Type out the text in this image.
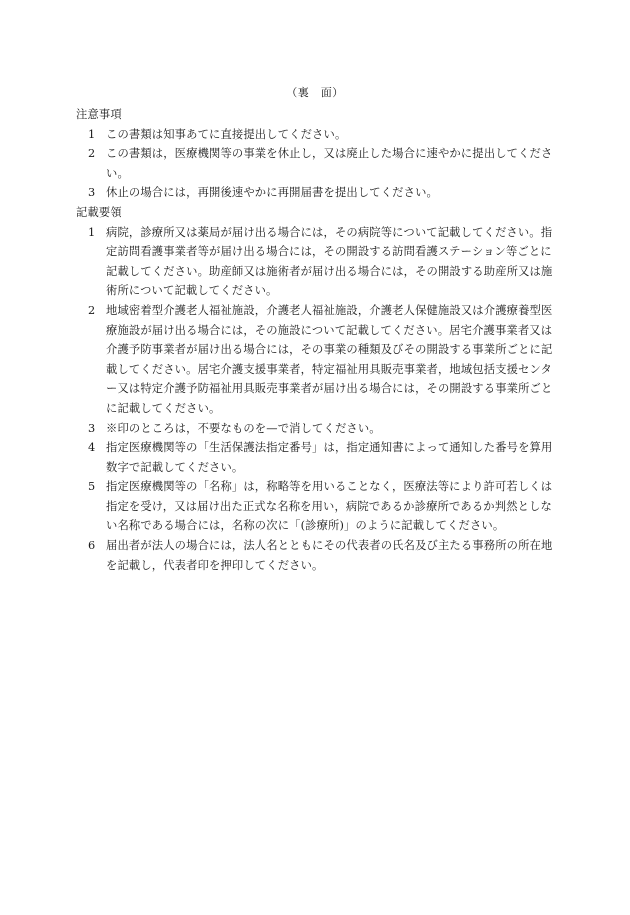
（裏　面）
注意事項
1 この書類は知事あてに直接提出してください。
2 この書類は，医療機関等の事業を休止し，又は廃止した場合に速やかに提出してください。
3 休止の場合には，再開後速やかに再開届書を提出してください。
記載要領
1 病院，診療所又は薬局が届け出る場合には，その病院等について記載してください。指定訪問看護事業者等が届け出る場合には，その開設する訪問看護ステーション等ごとに記載してください。助産師又は施術者が届け出る場合には，その開設する助産所又は施術所について記載してください。
2 地域密着型介護老人福祉施設，介護老人福祉施設，介護老人保健施設又は介護療養型医療施設が届け出る場合には，その施設について記載してください。居宅介護事業者又は介護予防事業者が届け出る場合には，その事業の種類及びその開設する事業所ごとに記載してください。居宅介護支援事業者，特定福祉用具販売事業者，地域包括支援センター又は特定介護予防福祉用具販売事業者が届け出る場合には，その開設する事業所ごとに記載してください。
3 ※印のところは，不要なものを—で消してください。
4 指定医療機関等の「生活保護法指定番号」は，指定通知書によって通知した番号を算用数字で記載してください。
5 指定医療機関等の「名称」は，称略等を用いることなく，医療法等により許可若しくは指定を受け，又は届け出た正式な名称を用い，病院であるか診療所であるか判然としない名称である場合には，名称の次に「(診療所)」のように記載してください。
6 届出者が法人の場合には，法人名とともにその代表者の氏名及び主たる事務所の所在地を記載し，代表者印を押印してください。
